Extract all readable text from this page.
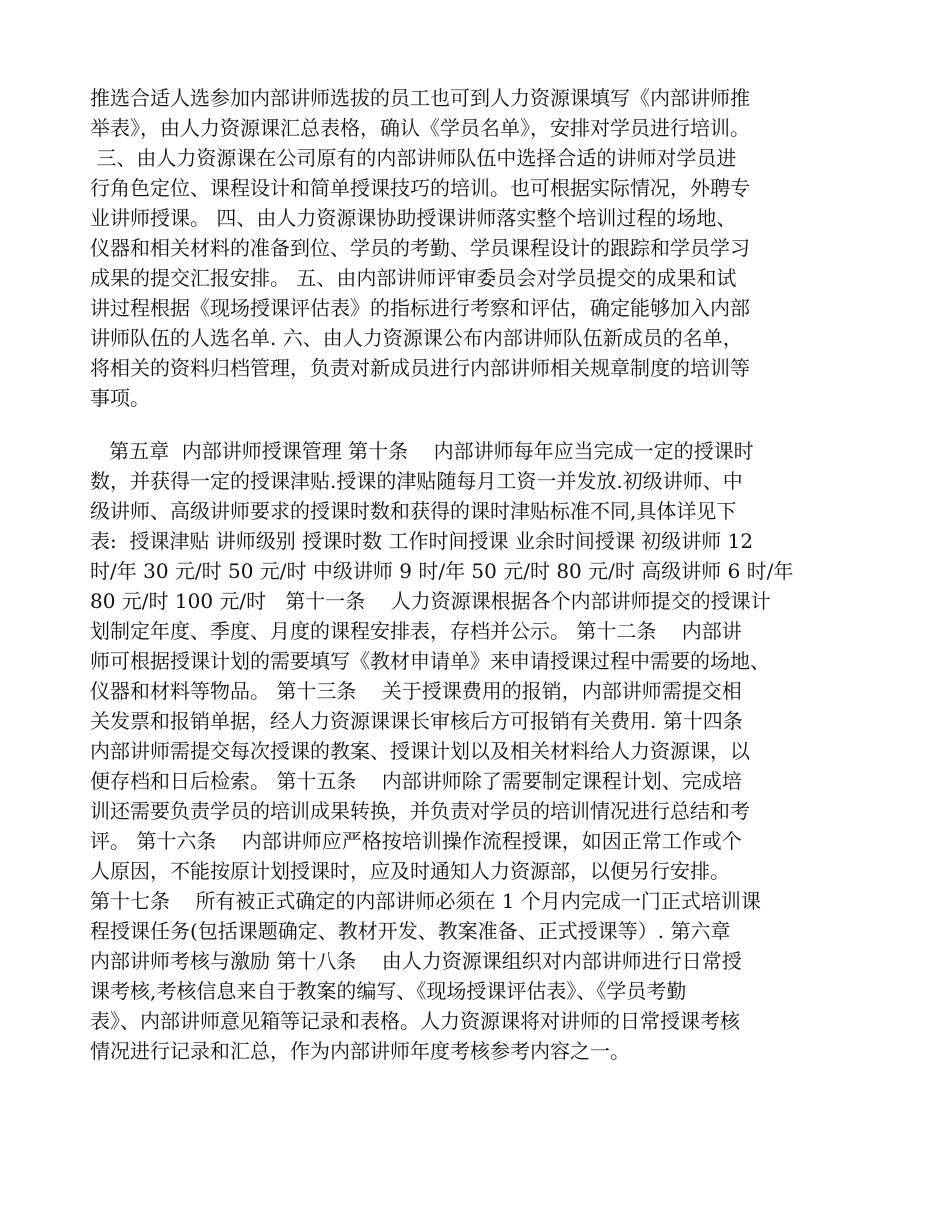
推选合适人选参加内部讲师选拔的员工也可到人力资源课填写《内部讲师推
举表》，由人力资源课汇总表格，确认《学员名单》，安排对学员进行培训。
三、由人力资源课在公司原有的内部讲师队伍中选择合适的讲师对学员进
行角色定位、课程设计和简单授课技巧的培训。也可根据实际情况，外聘专
业讲师授课。 四、由人力资源课协助授课讲师落实整个培训过程的场地、
仪器和相关材料的准备到位、学员的考勤、学员课程设计的跟踪和学员学习
成果的提交汇报安排。 五、由内部讲师评审委员会对学员提交的成果和试
讲过程根据《现场授课评估表》的指标进行考察和评估，确定能够加入内部
讲师队伍的人选名单. 六、由人力资源课公布内部讲师队伍新成员的名单，
将相关的资料归档管理，负责对新成员进行内部讲师相关规章制度的培训等
事项。
第五章  内部讲师授课管理 第十条    内部讲师每年应当完成一定的授课时
数，并获得一定的授课津贴.授课的津贴随每月工资一并发放.初级讲师、中
级讲师、高级讲师要求的授课时数和获得的课时津贴标准不同,具体详见下
表:  授课津贴 讲师级别 授课时数 工作时间授课 业余时间授课 初级讲师 12
时/年 30 元/时 50 元/时 中级讲师 9 时/年 50 元/时 80 元/时 高级讲师 6 时/年
80 元/时 100 元/时   第十一条    人力资源课根据各个内部讲师提交的授课计
划制定年度、季度、月度的课程安排表，存档并公示。 第十二条    内部讲
师可根据授课计划的需要填写《教材申请单》来申请授课过程中需要的场地、
仪器和材料等物品。 第十三条    关于授课费用的报销，内部讲师需提交相
关发票和报销单据，经人力资源课课长审核后方可报销有关费用. 第十四条
内部讲师需提交每次授课的教案、授课计划以及相关材料给人力资源课，以
便存档和日后检索。 第十五条    内部讲师除了需要制定课程计划、完成培
训还需要负责学员的培训成果转换，并负责对学员的培训情况进行总结和考
评。 第十六条    内部讲师应严格按培训操作流程授课，如因正常工作或个
人原因，不能按原计划授课时，应及时通知人力资源部，以便另行安排。
第十七条    所有被正式确定的内部讲师必须在 1 个月内完成一门正式培训课
程授课任务(包括课题确定、教材开发、教案准备、正式授课等）. 第六章
内部讲师考核与激励 第十八条    由人力资源课组织对内部讲师进行日常授
课考核,考核信息来自于教案的编写、《现场授课评估表》、《学员考勤
表》、内部讲师意见箱等记录和表格。人力资源课将对讲师的日常授课考核
情况进行记录和汇总，作为内部讲师年度考核参考内容之一。
